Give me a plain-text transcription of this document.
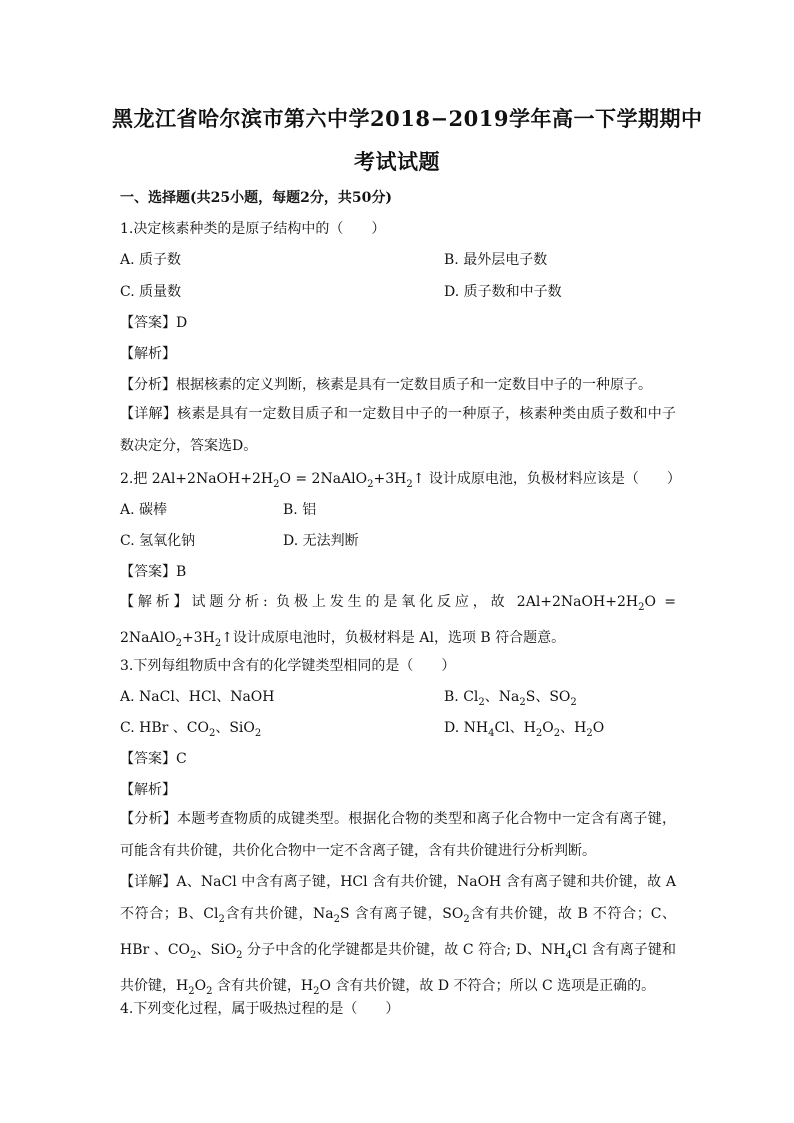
黑龙江省哈尔滨市第六中学2018−2019学年高一下学期期中
考试试题
一、选择题(共25小题，每题2分，共50分)
1.决定核素种类的是原子结构中的（　　）
A. 质子数	B. 最外层电子数
C. 质量数	D. 质子数和中子数
【答案】D
【解析】
【分析】根据核素的定义判断，核素是具有一定数目质子和一定数目中子的一种原子。
【详解】核素是具有一定数目质子和一定数目中子的一种原子，核素种类由质子数和中子数决定分，答案选D。
2.把 $2Al+2NaOH+2H_2O$ = $2NaAlO_2+3H_2↑$ 设计成原电池，负极材料应该是（　　）
A. 碳棒	B. 铝
C. 氢氧化钠	D. 无法判断
【答案】B
【解析】试题分析: 负极上发生的是氧化反应，故 $2Al+2NaOH+2H_2O$ = $2NaAlO_2+3H_2↑$设计成原电池时，负极材料是 Al，选项 B 符合题意。
3.下列每组物质中含有的化学键类型相同的是（　　）
A. NaCl、HCl、NaOH	B. $Cl_2$、$Na_2S$、$SO_2$
C. HBr 、$CO_2$、SiO$_2$	D. $NH_4Cl$、$H_2O_2$、$H_2O$
【答案】C
【解析】
【分析】本题考查物质的成键类型。根据化合物的类型和离子化合物中一定含有离子键，可能含有共价键，共价化合物中一定不含离子键，含有共价键进行分析判断。
【详解】A、NaCl 中含有离子键，HCl 含有共价键，NaOH 含有离子键和共价键，故 A 不符合；B、$Cl_2$含有共价键，$Na_2S$ 含有离子键，$SO_2$含有共价键，故 B 不符合；C、HBr 、$CO_2$、SiO$_2$ 分子中含的化学键都是共价键，故 C 符合; D、$NH_4Cl$ 含有离子键和共价键，$H_2O_2$ 含有共价键，$H_2O$ 含有共价键，故 D 不符合；所以 C 选项是正确的。
4.下列变化过程，属于吸热过程的是（　　）
